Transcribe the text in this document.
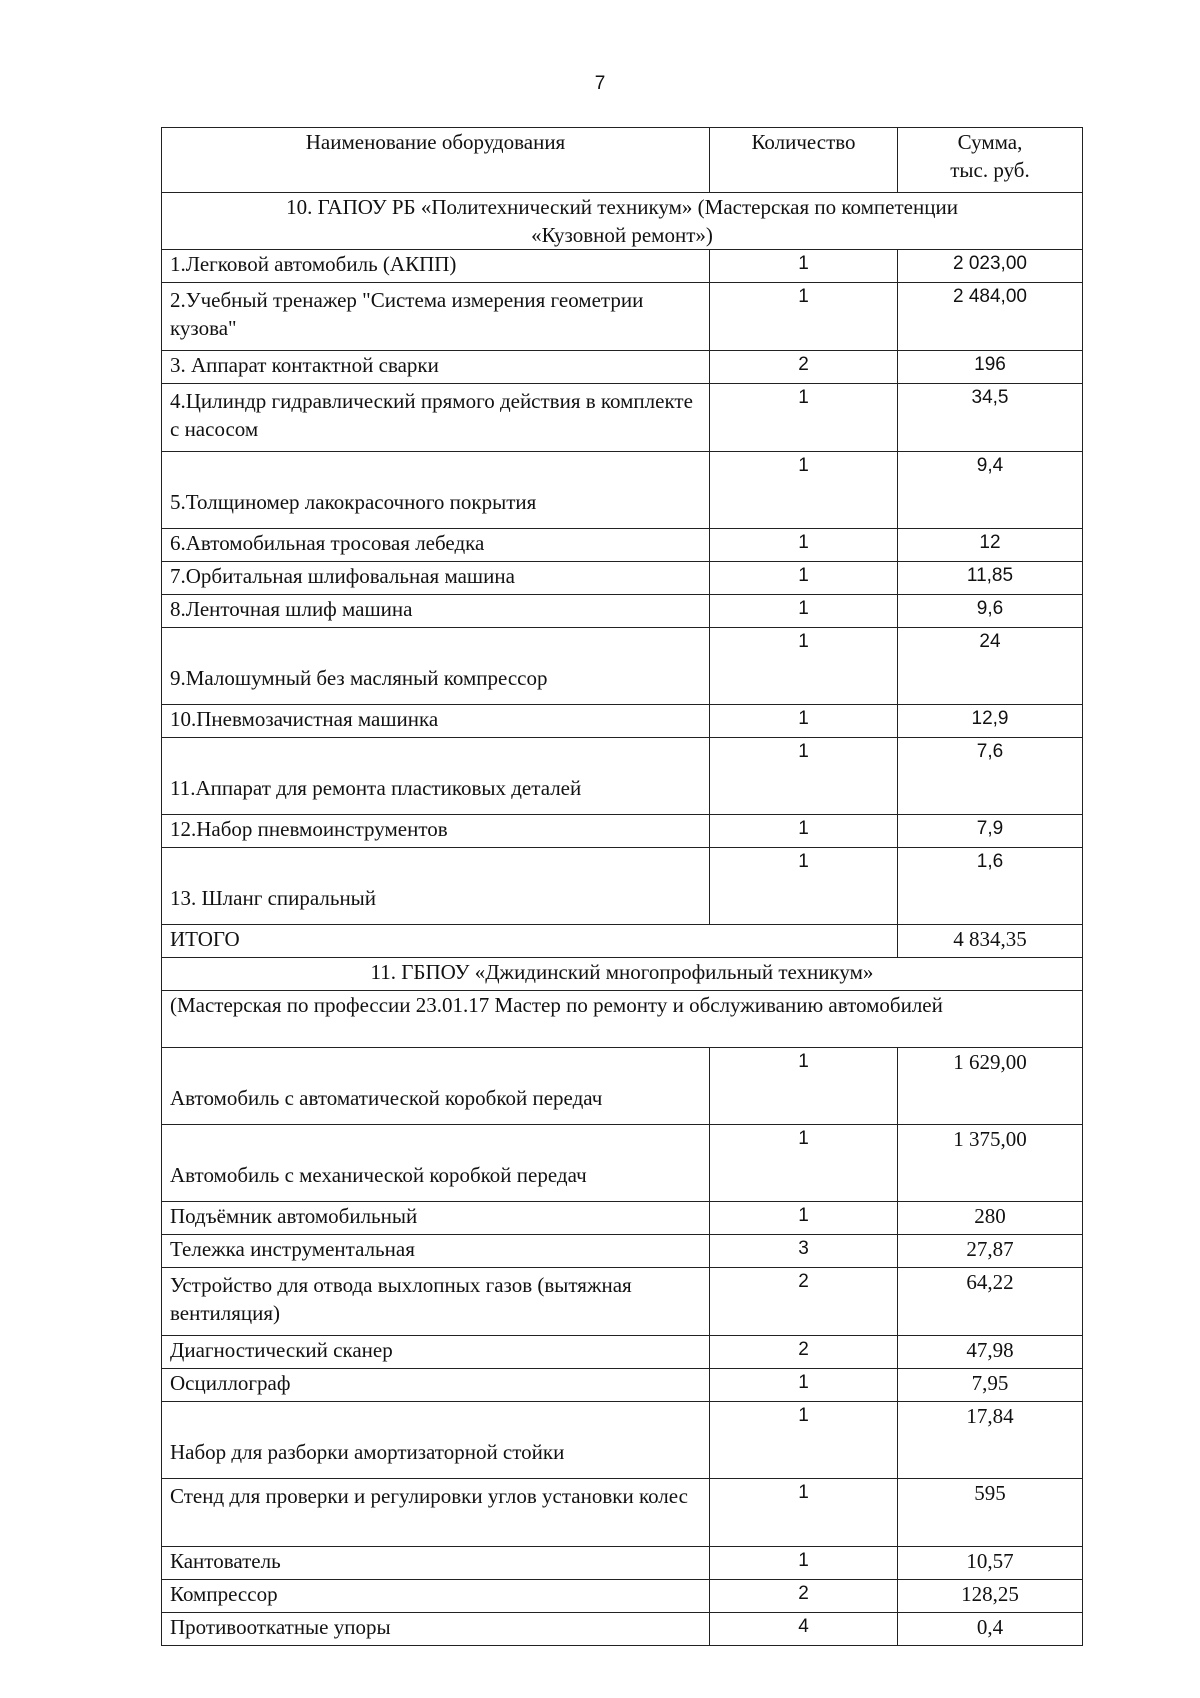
7
Наименование оборудования	Количество	Сумма,
тыс. руб.
10. ГАПОУ РБ «Политехнический техникум» (Мастерская по компетенции
«Кузовной ремонт»)		
1.Легковой автомобиль (АКПП)	1	2 023,00
2.Учебный тренажер "Система измерения геометрии кузова"	1	2 484,00
3. Аппарат контактной сварки	2	196
4.Цилиндр гидравлический прямого действия в комплекте с насосом	1	34,5
5.Толщиномер лакокрасочного покрытия	1	9,4
6.Автомобильная тросовая лебедка	1	12
7.Орбитальная шлифовальная машина	1	11,85
8.Ленточная шлиф машина	1	9,6
9.Малошумный без масляный компрессор	1	24
10.Пневмозачистная машинка	1	12,9
11.Аппарат для ремонта пластиковых деталей	1	7,6
12.Набор пневмоинструментов	1	7,9
13. Шланг спиральный	1	1,6
ИТОГО		4 834,35
11. ГБПОУ «Джидинский многопрофильный техникум»		
(Мастерская по профессии 23.01.17 Мастер по ремонту и обслуживанию автомобилей		
Автомобиль с автоматической коробкой передач	1	1 629,00
Автомобиль с механической коробкой передач	1	1 375,00
Подъёмник автомобильный	1	280
Тележка инструментальная	3	27,87
Устройство для отвода выхлопных газов (вытяжная вентиляция)	2	64,22
Диагностический сканер	2	47,98
Осциллограф	1	7,95
Набор для разборки амортизаторной стойки	1	17,84
Стенд для проверки и регулировки углов установки колес	1	595
Кантователь	1	10,57
Компрессор	2	128,25
Противооткатные упоры	4	0,4
